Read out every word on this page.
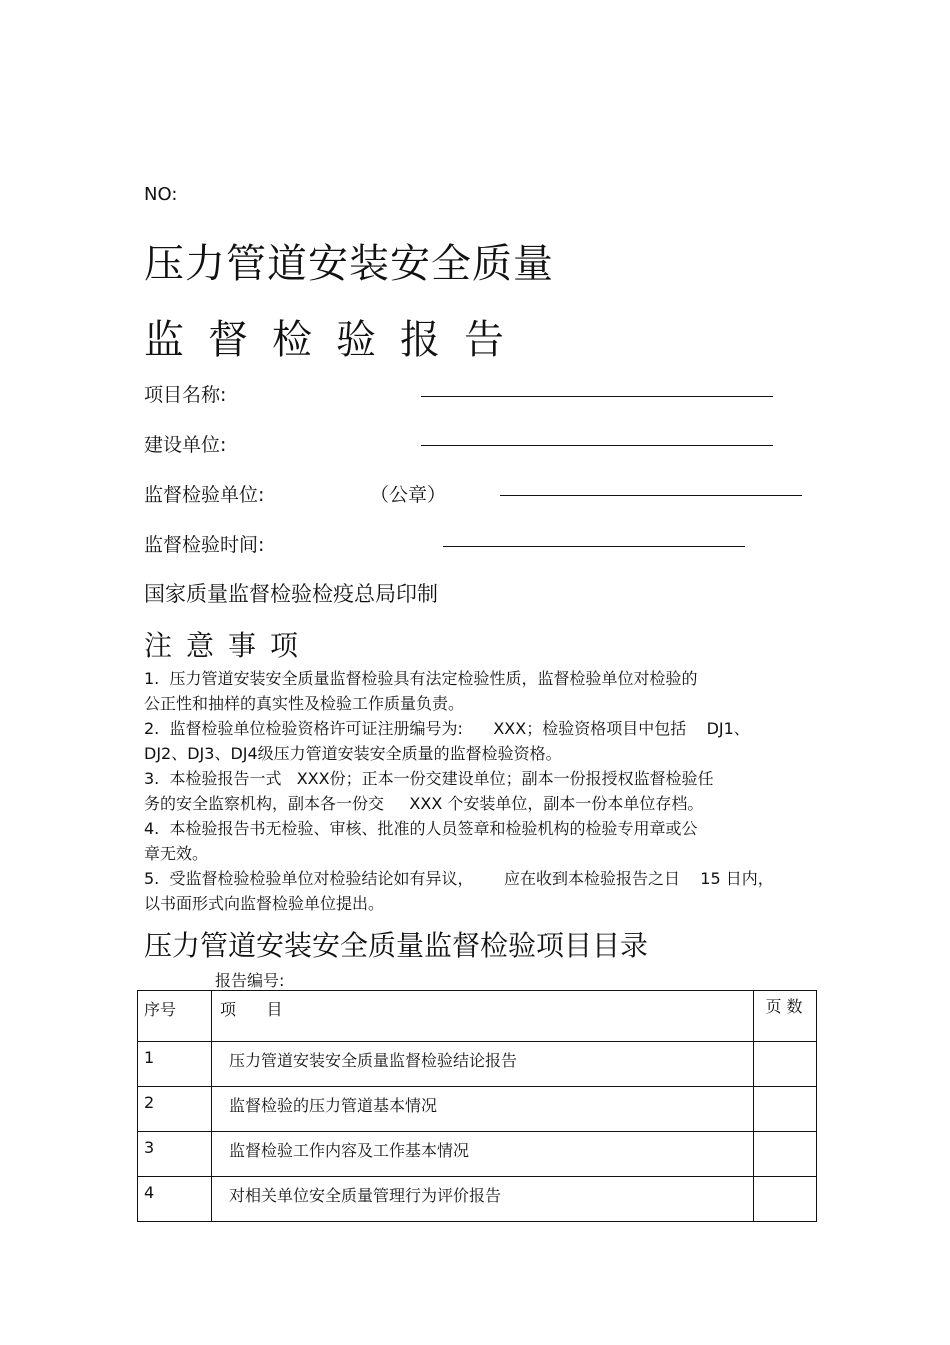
NO:
压力管道安装安全质量
监督检验报告
项目名称:
建设单位:
监督检验单位:	（公章）
监督检验时间:
国家质量监督检验检疫总局印制
注意事项

1.  压力管道安装安全质量监督检验具有法定检验性质，监督检验单位对检验的
公正性和抽样的真实性及检验工作质量负责。

2.  监督检验单位检验资格许可证注册编号为:      XXX；检验资格项目中包括    DJ1、
DJ2、DJ3、DJ4级压力管道安装安全质量的监督检验资格。

3.  本检验报告一式   XXX份；正本一份交建设单位；副本一份报授权监督检验任
务的安全监察机构，副本各一份交     XXX 个安装单位，副本一份本单位存档。

4.  本检验报告书无检验、审核、批准的人员签章和检验机构的检验专用章或公
章无效。

5.  受监督检验检验单位对检验结论如有异议，      应在收到本检验报告之日    15 日内，
以书面形式向监督检验单位提出。

压力管道安装安全质量监督检验项目目录
报告编号:
序号	项      目	页 数

1	压力管道安装安全质量监督检验结论报告	

2	监督检验的压力管道基本情况	

3	监督检验工作内容及工作基本情况	

4	对相关单位安全质量管理行为评价报告	
